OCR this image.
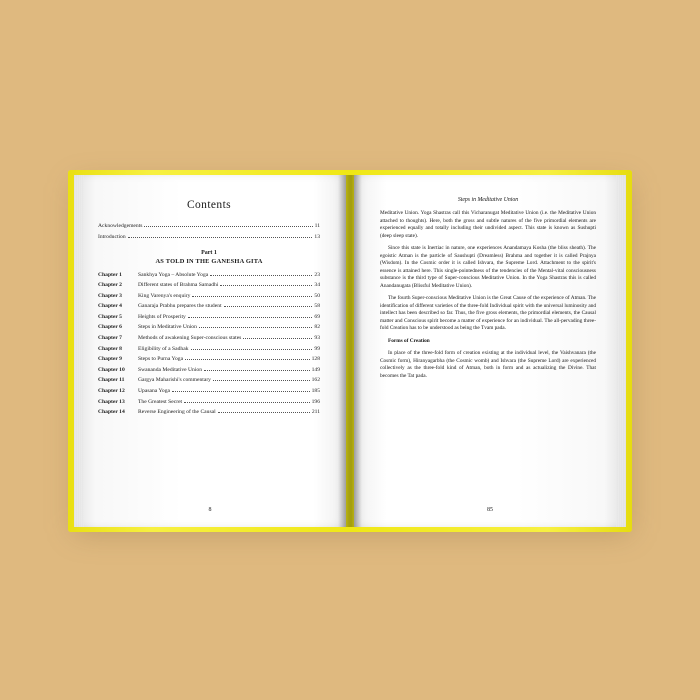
Contents
Acknowledgements	11
Introduction	13
Part 1
AS TOLD IN THE GANESHA GITA
Chapter 1	Sankhya Yoga – Absolute Yoga	23
Chapter 2	Different states of Brahma Samadhi	34
Chapter 3	King Varenya's enquiry	50
Chapter 4	Ganaraja Prabhu prepares the student	58
Chapter 5	Heights of Prosperity	69
Chapter 6	Steps in Meditative Union	82
Chapter 7	Methods of awakening Super-conscious states	93
Chapter 8	Eligibility of a Sadhak	99
Chapter 9	Steps to Purna Yoga	128
Chapter 10	Swananda Meditative Union	149
Chapter 11	Gargya Maharishi's commentary	162
Chapter 12	Upasana Yoga	185
Chapter 13	The Greatest Secret	196
Chapter 14	Reverse Engineering of the Causal	211
8
Steps in Meditative Union

Meditative Union. Yoga Shastras call this Vicharanugat Meditative Union (i.e. the Meditative Union attached to thoughts). Here, both the gross and subtle natures of the five primordial elements are experienced equally and totally including their undivided aspect. This state is known as Sushupti (deep sleep state).

Since this state is Inertiac in nature, one experiences Anandamaya Kosha (the bliss sheath). The egoistic Atman is the particle of Saushupti (Dreamless) Brahma and together it is called Prajnya (Wisdom). In the Cosmic order it is called Ishvara, the Supreme Lord. Attachment to the spirit's essence is attained here. This single-pointedness of the tendencies of the Mental-vital consciousness substance is the third type of Super-conscious Meditative Union. In the Yoga Shastras this is called Anandanugata (Blissful Meditative Union).

The fourth Super-conscious Meditative Union is the Great Cause of the experience of Atman. The identification of different varieties of the three-fold Individual spirit with the universal luminosity and intellect has been described so far. Thus, the five gross elements, the primordial elements, the Causal matter and Conscious spirit become a matter of experience for an individual. The all-pervading three-fold Creation has to be understood as being the Tvam pada.

Forms of Creation

In place of the three-fold form of creation existing at the individual level, the Vaishvanara (the Cosmic form), Hiranyagarbha (the Cosmic womb) and Ishvara (the Supreme Lord) are experienced collectively as the three-fold kind of Atman, both in form and as actualizing the Divine. That becomes the Tat pada.

85
